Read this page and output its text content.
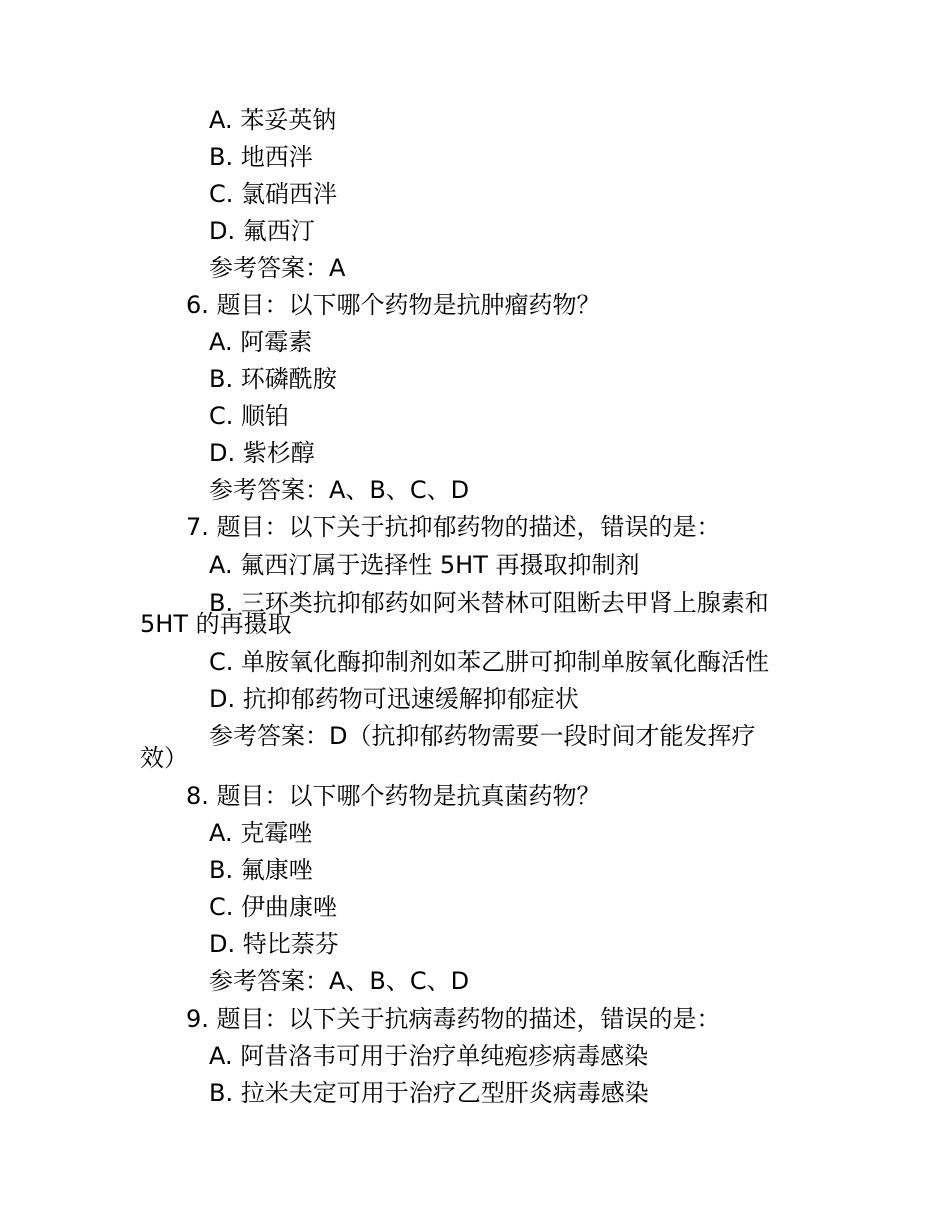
A. 苯妥英钠
B. 地西泮
C. 氯硝西泮
D. 氟西汀
参考答案：A
6. 题目：以下哪个药物是抗肿瘤药物？
A. 阿霉素
B. 环磷酰胺
C. 顺铂
D. 紫杉醇
参考答案：A、B、C、D
7. 题目：以下关于抗抑郁药物的描述，错误的是：
A. 氟西汀属于选择性 5HT 再摄取抑制剂
B. 三环类抗抑郁药如阿米替林可阻断去甲肾上腺素和
5HT 的再摄取
C. 单胺氧化酶抑制剂如苯乙肼可抑制单胺氧化酶活性
D. 抗抑郁药物可迅速缓解抑郁症状
参考答案：D（抗抑郁药物需要一段时间才能发挥疗
效）
8. 题目：以下哪个药物是抗真菌药物？
A. 克霉唑
B. 氟康唑
C. 伊曲康唑
D. 特比萘芬
参考答案：A、B、C、D
9. 题目：以下关于抗病毒药物的描述，错误的是：
A. 阿昔洛韦可用于治疗单纯疱疹病毒感染
B. 拉米夫定可用于治疗乙型肝炎病毒感染
